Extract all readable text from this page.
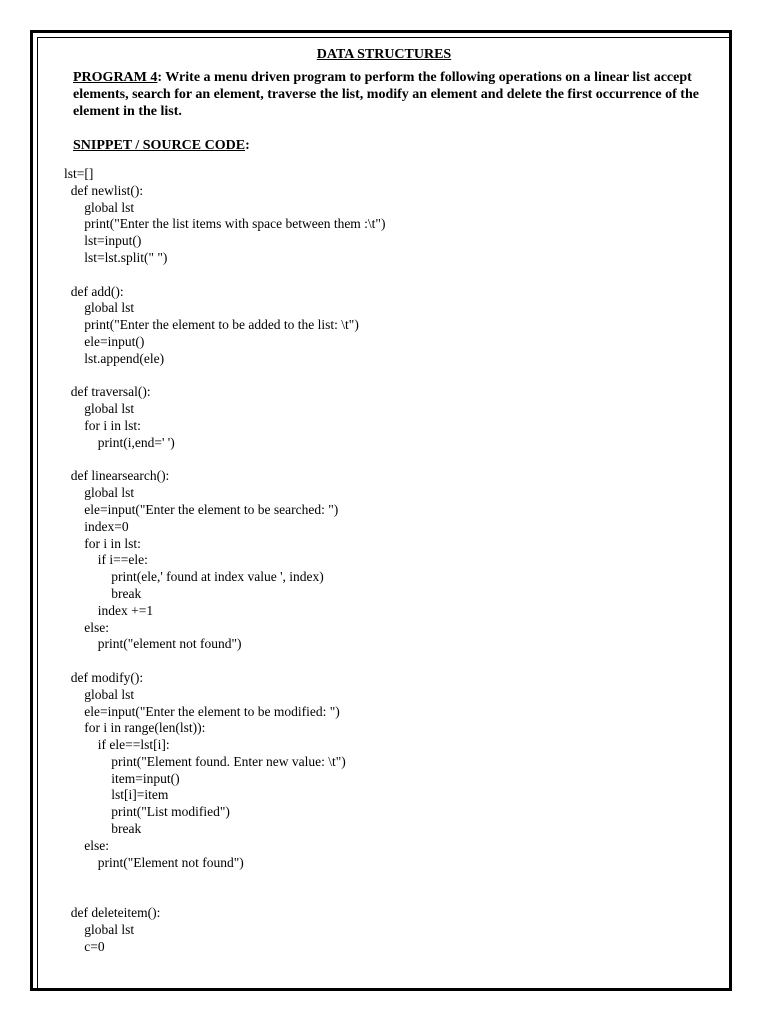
DATA STRUCTURES
PROGRAM 4: Write a menu driven program to perform the following operations on a linear list accept elements, search for an element, traverse the list, modify an element and delete the first occurrence of the element in the list.
SNIPPET / SOURCE CODE:
lst=[]
def newlist():
global lst
print("Enter the list items with space between them :\t")
lst=input()
lst=lst.split(" ")
def add():
global lst
print("Enter the element to be added to the list: \t")
ele=input()
lst.append(ele)
def traversal():
global lst
for i in lst:
print(i,end=' ')
def linearsearch():
global lst
ele=input("Enter the element to be searched: ")
index=0
for i in lst:
if i==ele:
print(ele,' found at index value ', index)
break
index +=1
else:
print("element not found")
def modify():
global lst
ele=input("Enter the element to be modified: ")
for i in range(len(lst)):
if ele==lst[i]:
print("Element found. Enter new value: \t")
item=input()
lst[i]=item
print("List modified")
break
else:
print("Element not found")
def deleteitem():
global lst
c=0
